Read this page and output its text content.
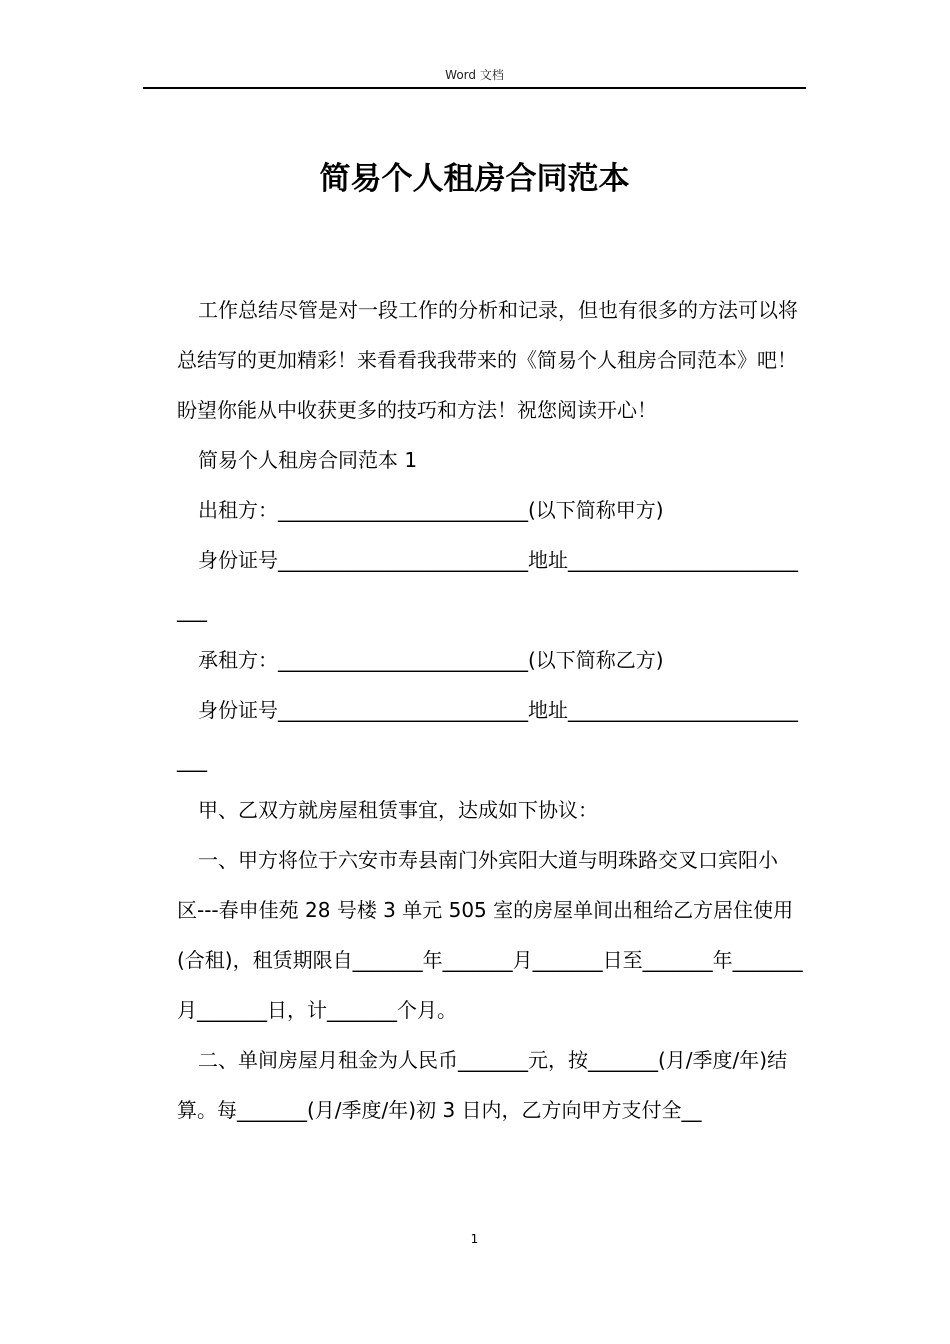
Word 文档
简易个人租房合同范本

工作总结尽管是对一段工作的分析和记录，但也有很多的方法可以将总结写的更加精彩！来看看我我带来的《简易个人租房合同范本》吧！盼望你能从中收获更多的技巧和方法！祝您阅读开心！

简易个人租房合同范本 1

出租方：_________________________(以下简称甲方)

身份证号_________________________地址__________________________

承租方：_________________________(以下简称乙方)

身份证号_________________________地址__________________________

甲、乙双方就房屋租赁事宜，达成如下协议：

一、甲方将位于六安市寿县南门外宾阳大道与明珠路交叉口宾阳小区---春申佳苑 28 号楼 3 单元 505 室的房屋单间出租给乙方居住使用(合租)，租赁期限自_______年_______月_______日至_______年_______月_______日，计_______个月。

二、单间房屋月租金为人民币_______元，按_______(月/季度/年)结算。每_______(月/季度/年)初 3 日内，乙方向甲方支付全__

1
